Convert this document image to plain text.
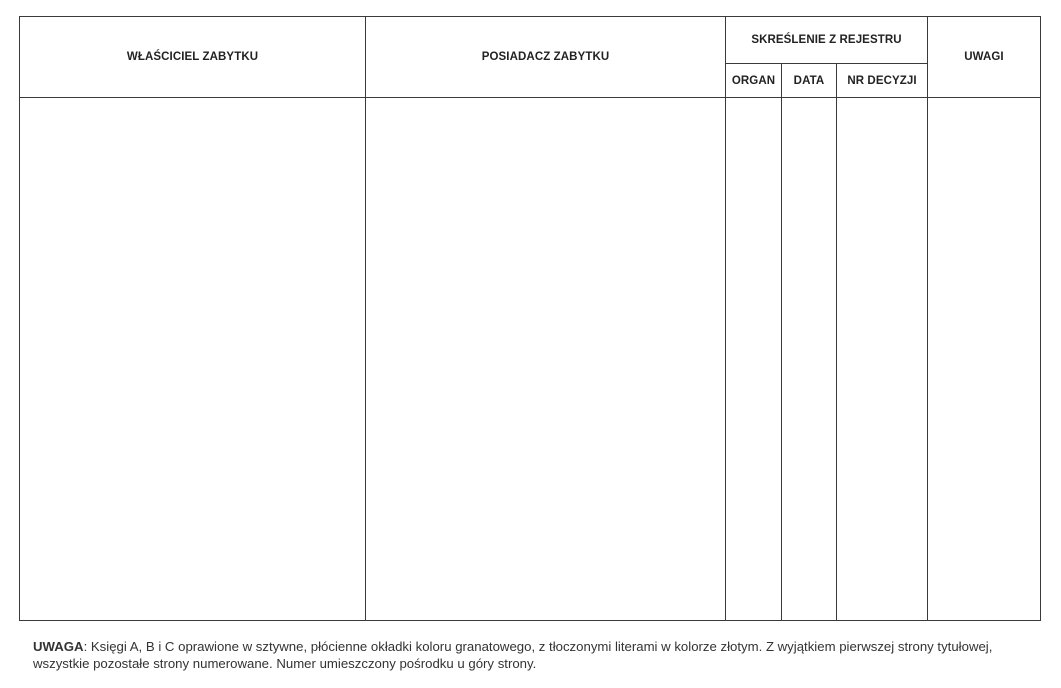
WŁAŚCICIEL ZABYTKU	POSIADACZ ZABYTKU	SKREŚLENIE Z REJESTRU			UWAGI
		ORGAN	DATA	NR DECYZJI	

UWAGA: Księgi A, B i C oprawione w sztywne, płócienne okładki koloru granatowego, z tłoczonymi literami w kolorze złotym. Z wyjątkiem pierwszej strony tytułowej, wszystkie pozostałe strony numerowane. Numer umieszczony pośrodku u góry strony.
